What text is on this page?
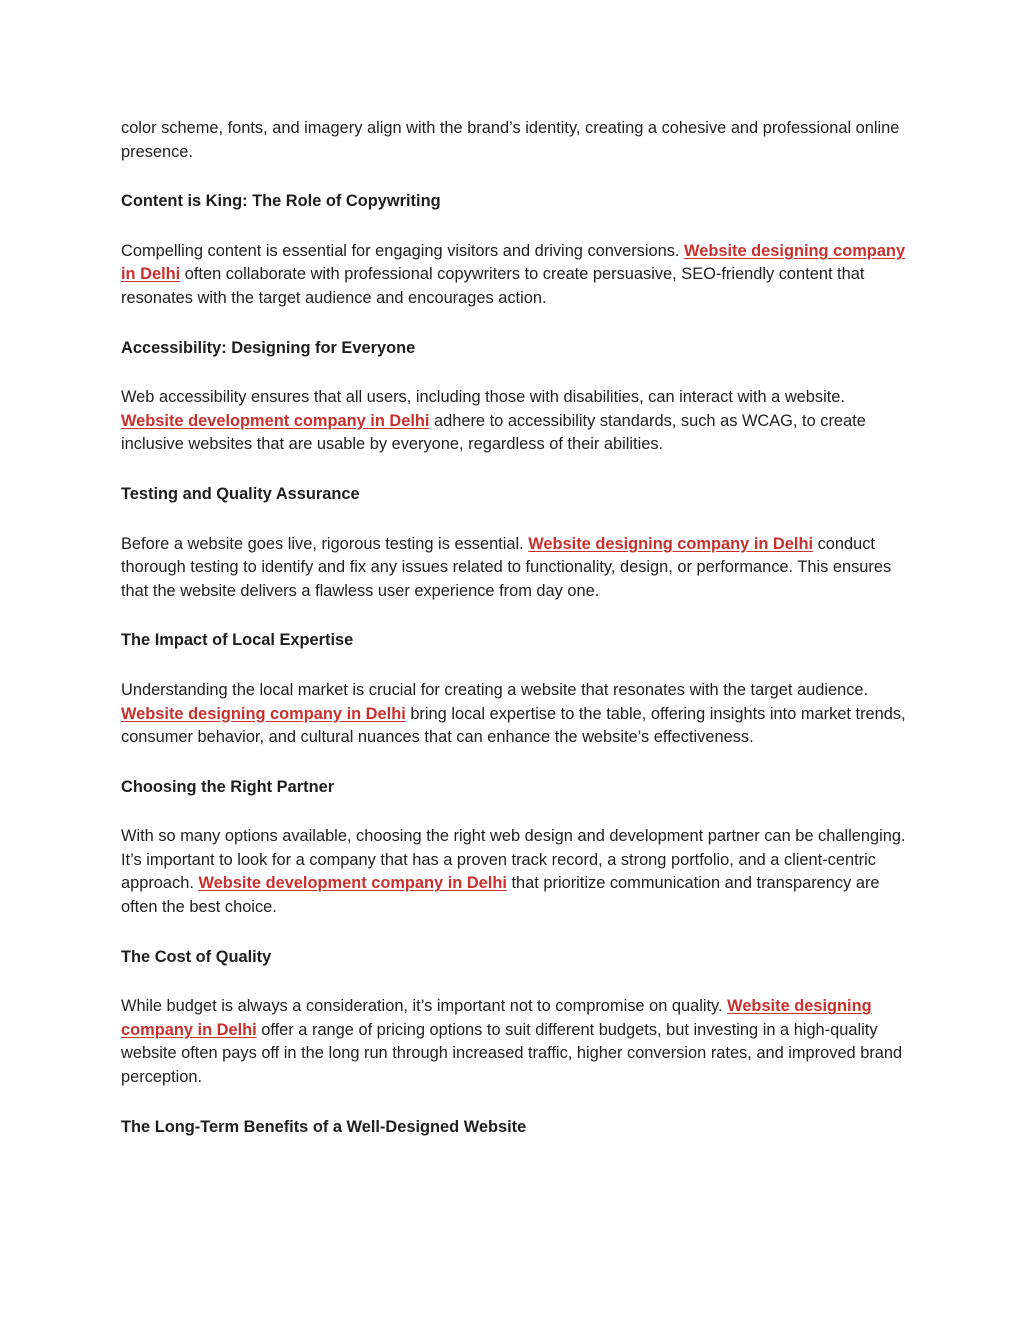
color scheme, fonts, and imagery align with the brand’s identity, creating a cohesive and professional online presence.

Content is King: The Role of Copywriting

Compelling content is essential for engaging visitors and driving conversions. Website designing company in Delhi often collaborate with professional copywriters to create persuasive, SEO-friendly content that resonates with the target audience and encourages action.

Accessibility: Designing for Everyone

Web accessibility ensures that all users, including those with disabilities, can interact with a website. Website development company in Delhi adhere to accessibility standards, such as WCAG, to create inclusive websites that are usable by everyone, regardless of their abilities.

Testing and Quality Assurance

Before a website goes live, rigorous testing is essential. Website designing company in Delhi conduct thorough testing to identify and fix any issues related to functionality, design, or performance. This ensures that the website delivers a flawless user experience from day one.

The Impact of Local Expertise

Understanding the local market is crucial for creating a website that resonates with the target audience. Website designing company in Delhi bring local expertise to the table, offering insights into market trends, consumer behavior, and cultural nuances that can enhance the website’s effectiveness.

Choosing the Right Partner

With so many options available, choosing the right web design and development partner can be challenging. It’s important to look for a company that has a proven track record, a strong portfolio, and a client-centric approach. Website development company in Delhi that prioritize communication and transparency are often the best choice.

The Cost of Quality

While budget is always a consideration, it’s important not to compromise on quality. Website designing company in Delhi offer a range of pricing options to suit different budgets, but investing in a high-quality website often pays off in the long run through increased traffic, higher conversion rates, and improved brand perception.

The Long-Term Benefits of a Well-Designed Website
